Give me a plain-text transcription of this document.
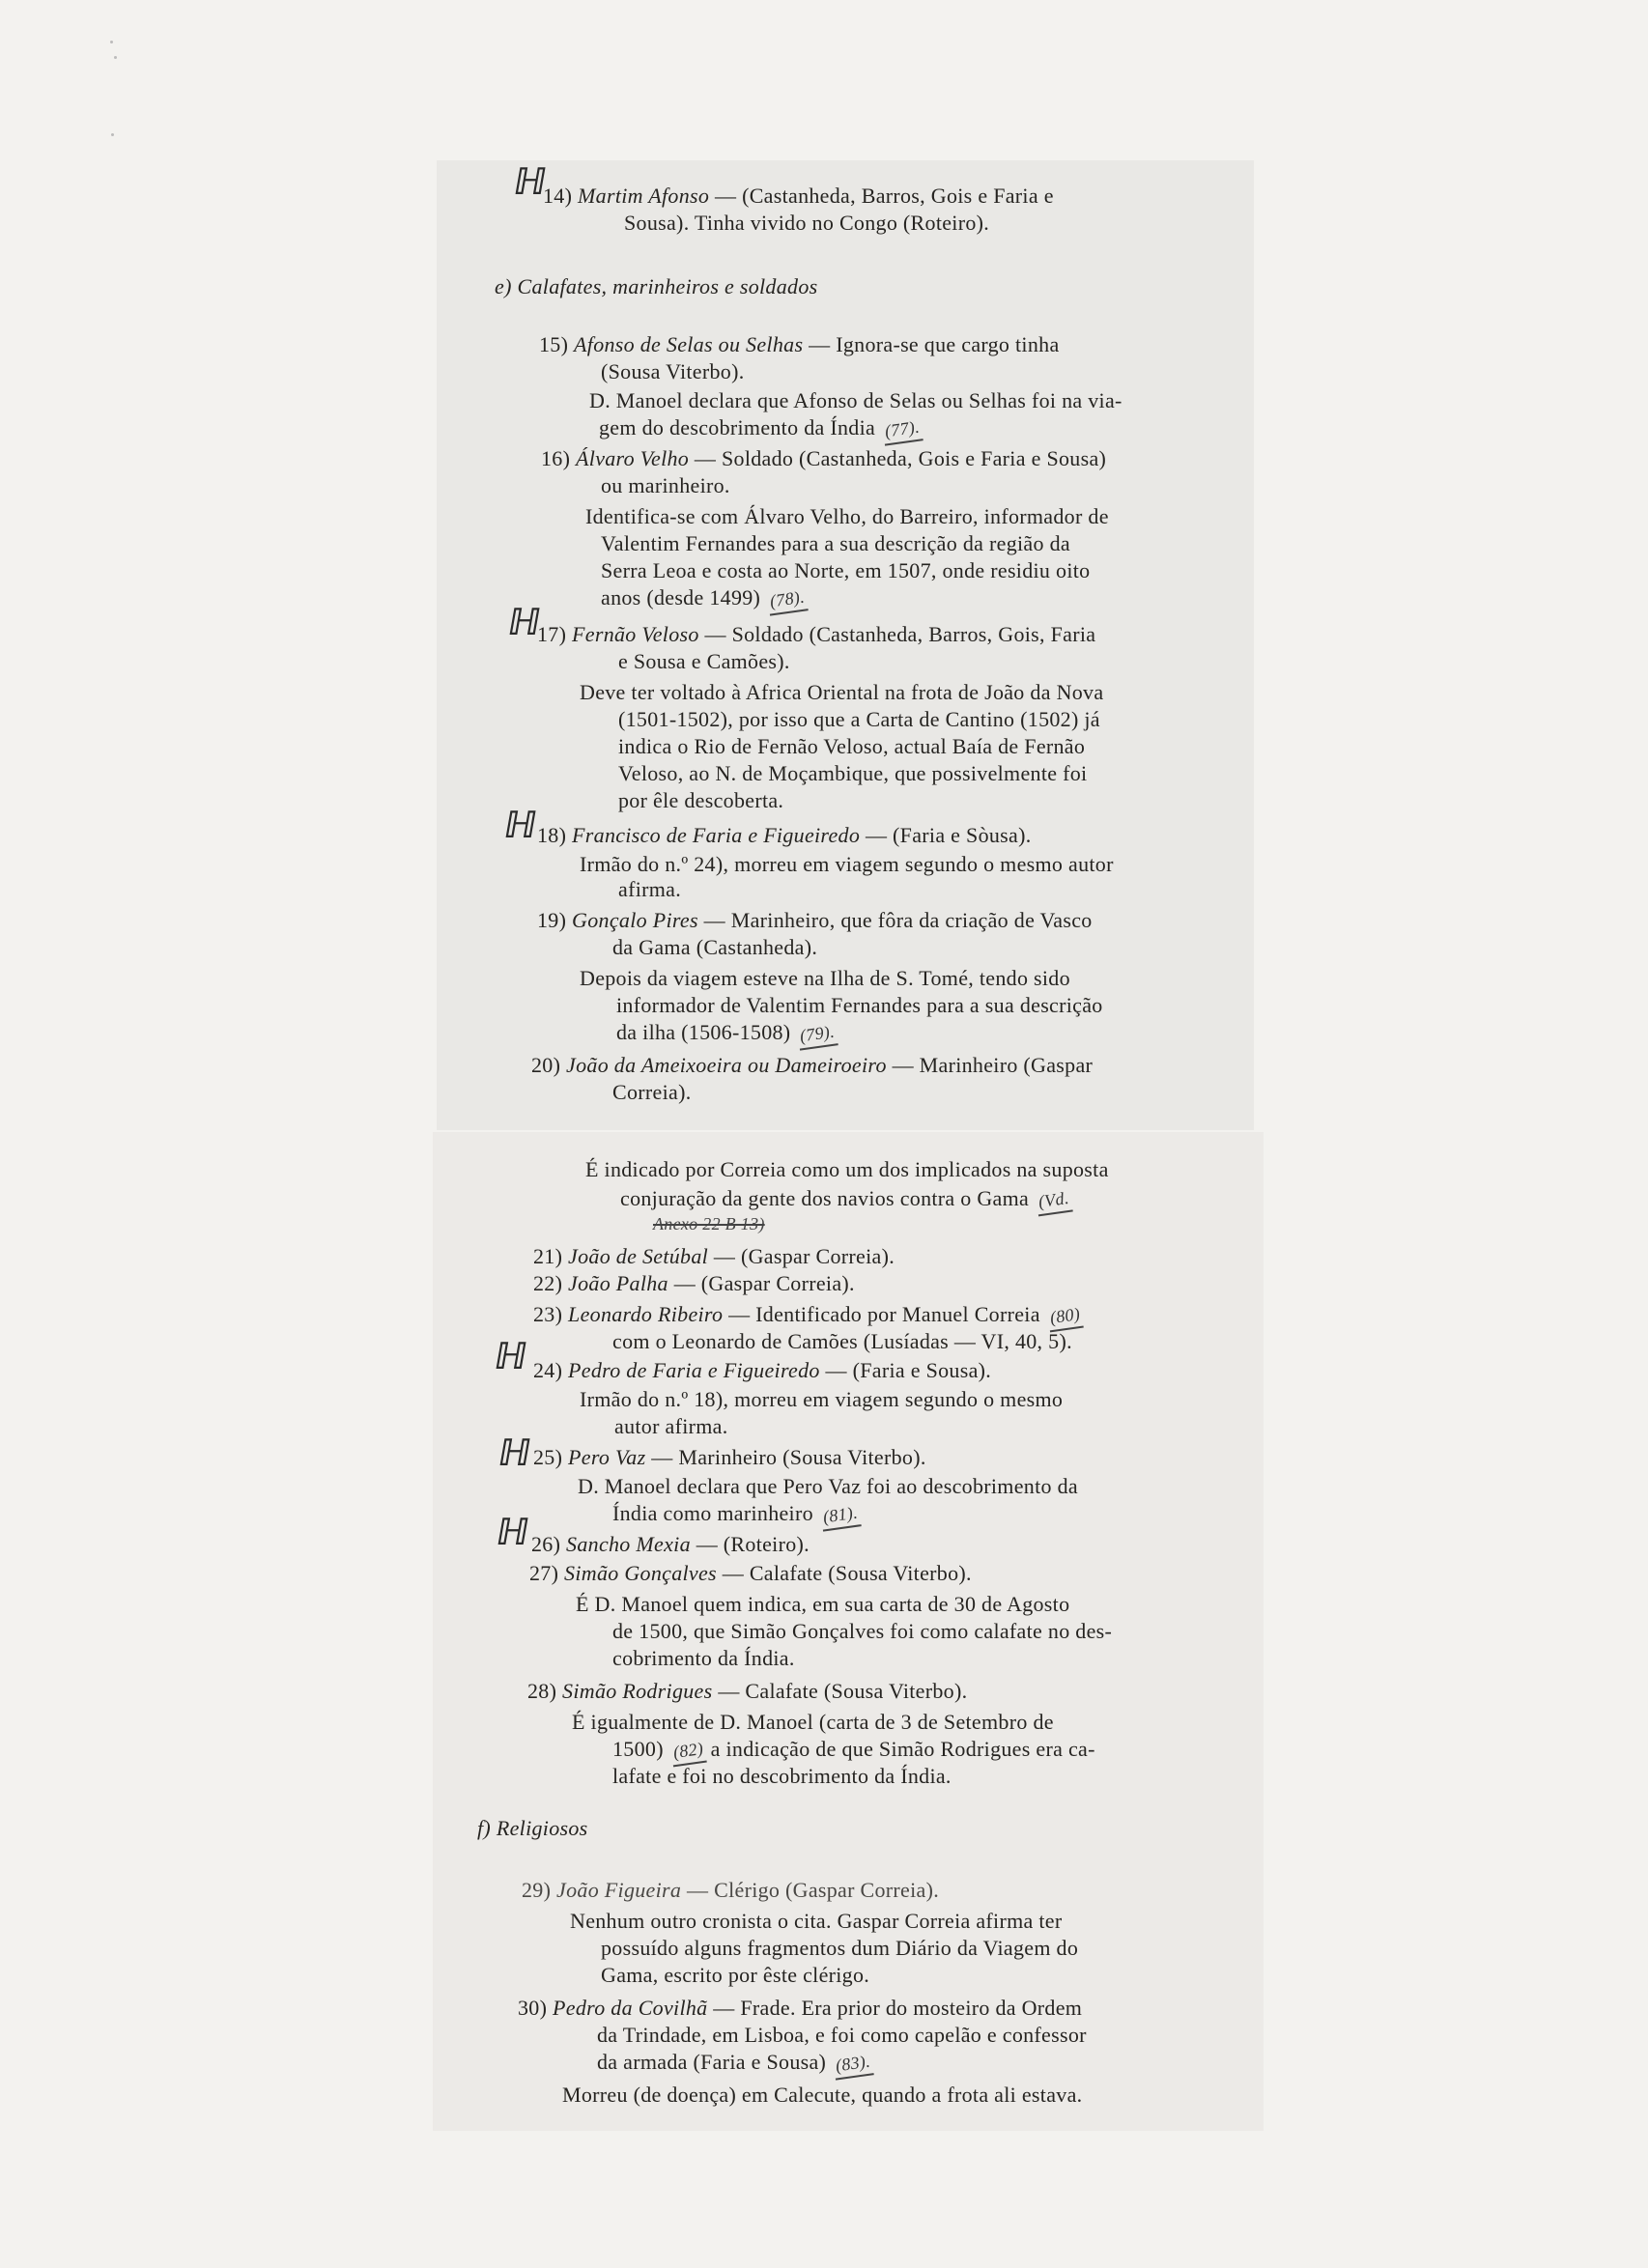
ℍ
ℍ
ℍ
ℍ
ℍ
ℍ
14) Martim Afonso — (Castanheda, Barros, Gois e Faria e
Sousa). Tinha vivido no Congo (Roteiro).
e) Calafates, marinheiros e soldados
15) Afonso de Selas ou Selhas — Ignora-se que cargo tinha
(Sousa Viterbo).
D. Manoel declara que Afonso de Selas ou Selhas foi na via-
gem do descobrimento da Índia (77).
16) Álvaro Velho — Soldado (Castanheda, Gois e Faria e Sousa)
ou marinheiro.
Identifica-se com Álvaro Velho, do Barreiro, informador de
Valentim Fernandes para a sua descrição da região da
Serra Leoa e costa ao Norte, em 1507, onde residiu oito
anos (desde 1499) (78).
17) Fernão Veloso — Soldado (Castanheda, Barros, Gois, Faria
e Sousa e Camões).
Deve ter voltado à Africa Oriental na frota de João da Nova
(1501-1502), por isso que a Carta de Cantino (1502) já
indica o Rio de Fernão Veloso, actual Baía de Fernão
Veloso, ao N. de Moçambique, que possivelmente foi
por êle descoberta.
18) Francisco de Faria e Figueiredo — (Faria e Sòusa).
Irmão do n.º 24), morreu em viagem segundo o mesmo autor
afirma.
19) Gonçalo Pires — Marinheiro, que fôra da criação de Vasco
da Gama (Castanheda).
Depois da viagem esteve na Ilha de S. Tomé, tendo sido
informador de Valentim Fernandes para a sua descrição
da ilha (1506-1508) (79).
20) João da Ameixoeira ou Dameiroeiro — Marinheiro (Gaspar
Correia).
É indicado por Correia como um dos implicados na suposta
conjuração da gente dos navios contra o Gama (Vd.
Anexo 22 B 13)
21) João de Setúbal — (Gaspar Correia).
22) João Palha — (Gaspar Correia).
23) Leonardo Ribeiro — Identificado por Manuel Correia (80)
com o Leonardo de Camões (Lusíadas — VI, 40, 5).
24) Pedro de Faria e Figueiredo — (Faria e Sousa).
Irmão do n.º 18), morreu em viagem segundo o mesmo
autor afirma.
25) Pero Vaz — Marinheiro (Sousa Viterbo).
D. Manoel declara que Pero Vaz foi ao descobrimento da
Índia como marinheiro (81).
26) Sancho Mexia — (Roteiro).
27) Simão Gonçalves — Calafate (Sousa Viterbo).
É D. Manoel quem indica, em sua carta de 30 de Agosto
de 1500, que Simão Gonçalves foi como calafate no des-
cobrimento da Índia.
28) Simão Rodrigues — Calafate (Sousa Viterbo).
É igualmente de D. Manoel (carta de 3 de Setembro de
1500) (82) a indicação de que Simão Rodrigues era ca-
lafate e foi no descobrimento da Índia.
f) Religiosos
29) João Figueira — Clérigo (Gaspar Correia).
Nenhum outro cronista o cita. Gaspar Correia afirma ter
possuído alguns fragmentos dum Diário da Viagem do
Gama, escrito por êste clérigo.
30) Pedro da Covilhã — Frade. Era prior do mosteiro da Ordem
da Trindade, em Lisboa, e foi como capelão e confessor
da armada (Faria e Sousa) (83).
Morreu (de doença) em Calecute, quando a frota ali estava.
